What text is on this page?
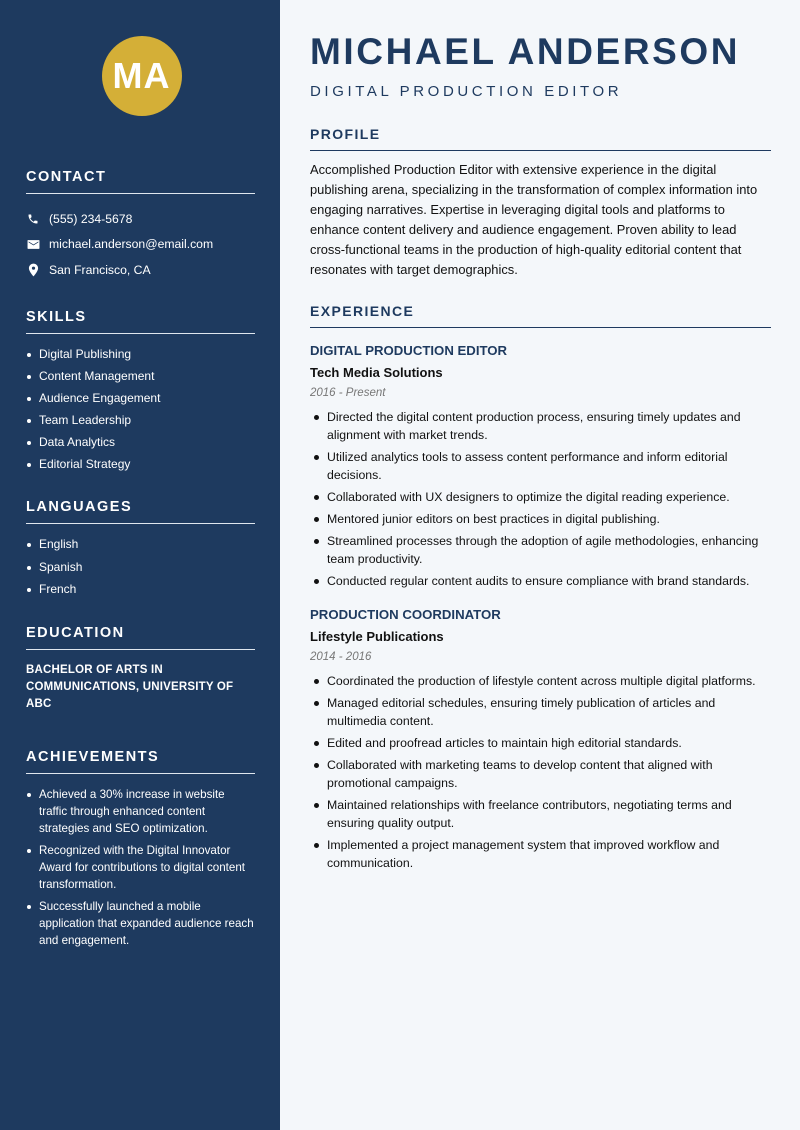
MA
CONTACT
(555) 234-5678
michael.anderson@email.com
San Francisco, CA
SKILLS
Digital Publishing
Content Management
Audience Engagement
Team Leadership
Data Analytics
Editorial Strategy
LANGUAGES
English
Spanish
French
EDUCATION
BACHELOR OF ARTS IN COMMUNICATIONS, UNIVERSITY OF ABC
ACHIEVEMENTS
Achieved a 30% increase in website traffic through enhanced content strategies and SEO optimization.
Recognized with the Digital Innovator Award for contributions to digital content transformation.
Successfully launched a mobile application that expanded audience reach and engagement.
MICHAEL ANDERSON
DIGITAL PRODUCTION EDITOR
PROFILE
Accomplished Production Editor with extensive experience in the digital publishing arena, specializing in the transformation of complex information into engaging narratives. Expertise in leveraging digital tools and platforms to enhance content delivery and audience engagement. Proven ability to lead cross-functional teams in the production of high-quality editorial content that resonates with target demographics.
EXPERIENCE
DIGITAL PRODUCTION EDITOR
Tech Media Solutions
2016 - Present
Directed the digital content production process, ensuring timely updates and alignment with market trends.
Utilized analytics tools to assess content performance and inform editorial decisions.
Collaborated with UX designers to optimize the digital reading experience.
Mentored junior editors on best practices in digital publishing.
Streamlined processes through the adoption of agile methodologies, enhancing team productivity.
Conducted regular content audits to ensure compliance with brand standards.
PRODUCTION COORDINATOR
Lifestyle Publications
2014 - 2016
Coordinated the production of lifestyle content across multiple digital platforms.
Managed editorial schedules, ensuring timely publication of articles and multimedia content.
Edited and proofread articles to maintain high editorial standards.
Collaborated with marketing teams to develop content that aligned with promotional campaigns.
Maintained relationships with freelance contributors, negotiating terms and ensuring quality output.
Implemented a project management system that improved workflow and communication.
